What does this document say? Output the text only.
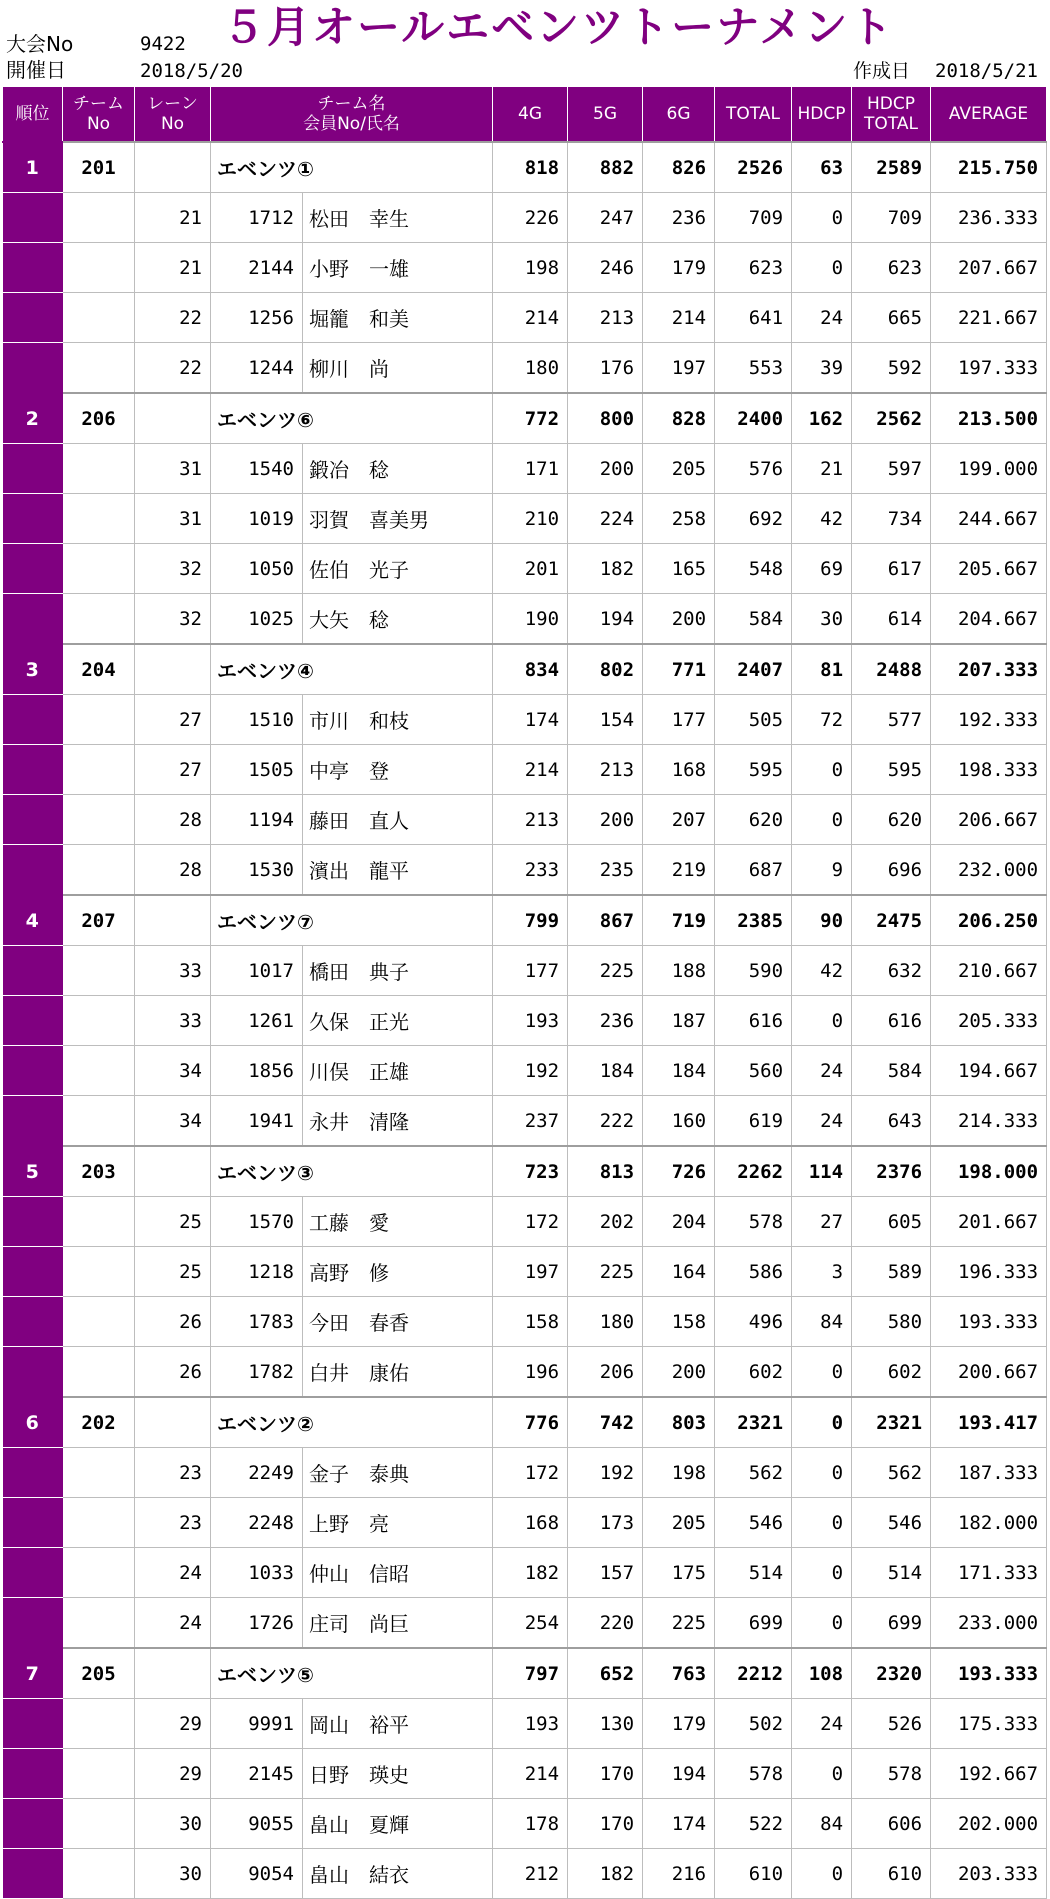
大会No	9422
開催日	2018/5/20
５月オールエベンツトーナメント
作成日 2018/5/21
順位	チーム
No	レーン
No	チーム名
会員No/氏名		4G	5G	6G	TOTAL	HDCP	HDCP
TOTAL	AVERAGE
1	201		エベンツ①		818	882	826	2526	63	2589	215.750
		21	1712	松田　幸生	226	247	236	709	0	709	236.333
		21	2144	小野　一雄	198	246	179	623	0	623	207.667
		22	1256	堀籠　和美	214	213	214	641	24	665	221.667
		22	1244	柳川　尚	180	176	197	553	39	592	197.333
2	206		エベンツ⑥		772	800	828	2400	162	2562	213.500
		31	1540	鍛冶　稔	171	200	205	576	21	597	199.000
		31	1019	羽賀　喜美男	210	224	258	692	42	734	244.667
		32	1050	佐伯　光子	201	182	165	548	69	617	205.667
		32	1025	大矢　稔	190	194	200	584	30	614	204.667
3	204		エベンツ④		834	802	771	2407	81	2488	207.333
		27	1510	市川　和枝	174	154	177	505	72	577	192.333
		27	1505	中亭　登	214	213	168	595	0	595	198.333
		28	1194	藤田　直人	213	200	207	620	0	620	206.667
		28	1530	濱出　龍平	233	235	219	687	9	696	232.000
4	207		エベンツ⑦		799	867	719	2385	90	2475	206.250
		33	1017	橋田　典子	177	225	188	590	42	632	210.667
		33	1261	久保　正光	193	236	187	616	0	616	205.333
		34	1856	川俣　正雄	192	184	184	560	24	584	194.667
		34	1941	永井　清隆	237	222	160	619	24	643	214.333
5	203		エベンツ③		723	813	726	2262	114	2376	198.000
		25	1570	工藤　愛	172	202	204	578	27	605	201.667
		25	1218	高野　修	197	225	164	586	3	589	196.333
		26	1783	今田　春香	158	180	158	496	84	580	193.333
		26	1782	白井　康佑	196	206	200	602	0	602	200.667
6	202		エベンツ②		776	742	803	2321	0	2321	193.417
		23	2249	金子　泰典	172	192	198	562	0	562	187.333
		23	2248	上野　亮	168	173	205	546	0	546	182.000
		24	1033	仲山　信昭	182	157	175	514	0	514	171.333
		24	1726	庄司　尚巨	254	220	225	699	0	699	233.000
7	205		エベンツ⑤		797	652	763	2212	108	2320	193.333
		29	9991	岡山　裕平	193	130	179	502	24	526	175.333
		29	2145	日野　瑛史	214	170	194	578	0	578	192.667
		30	9055	畠山　夏輝	178	170	174	522	84	606	202.000
		30	9054	畠山　結衣	212	182	216	610	0	610	203.333
